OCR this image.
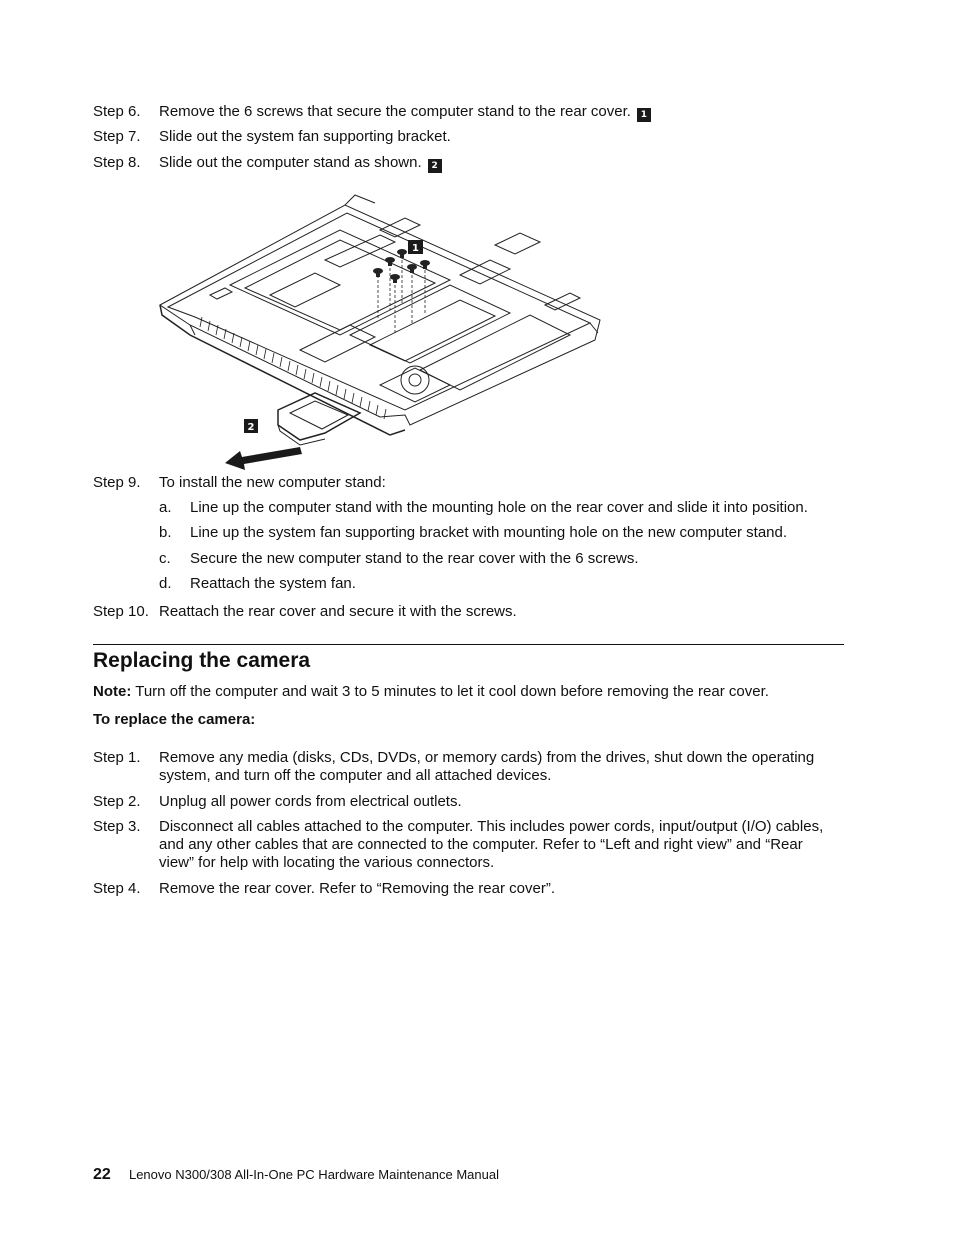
Step 6. Remove the 6 screws that secure the computer stand to the rear cover. 1
Step 7. Slide out the system fan supporting bracket.
Step 8. Slide out the computer stand as shown. 2
1
2
Step 9. To install the new computer stand:
a. Line up the computer stand with the mounting hole on the rear cover and slide it into position.
b. Line up the system fan supporting bracket with mounting hole on the new computer stand.
c. Secure the new computer stand to the rear cover with the 6 screws.
d. Reattach the system fan.
Step 10. Reattach the rear cover and secure it with the screws.
Replacing the camera
Note: Turn off the computer and wait 3 to 5 minutes to let it cool down before removing the rear cover.
To replace the camera:
Step 1. Remove any media (disks, CDs, DVDs, or memory cards) from the drives, shut down the operating system, and turn off the computer and all attached devices.
Step 2. Unplug all power cords from electrical outlets.
Step 3. Disconnect all cables attached to the computer. This includes power cords, input/output (I/O) cables, and any other cables that are connected to the computer. Refer to “Left and right view” and “Rear view” for help with locating the various connectors.
Step 4. Remove the rear cover. Refer to “Removing the rear cover”.
22 Lenovo N300/308 All-In-One PC Hardware Maintenance Manual
